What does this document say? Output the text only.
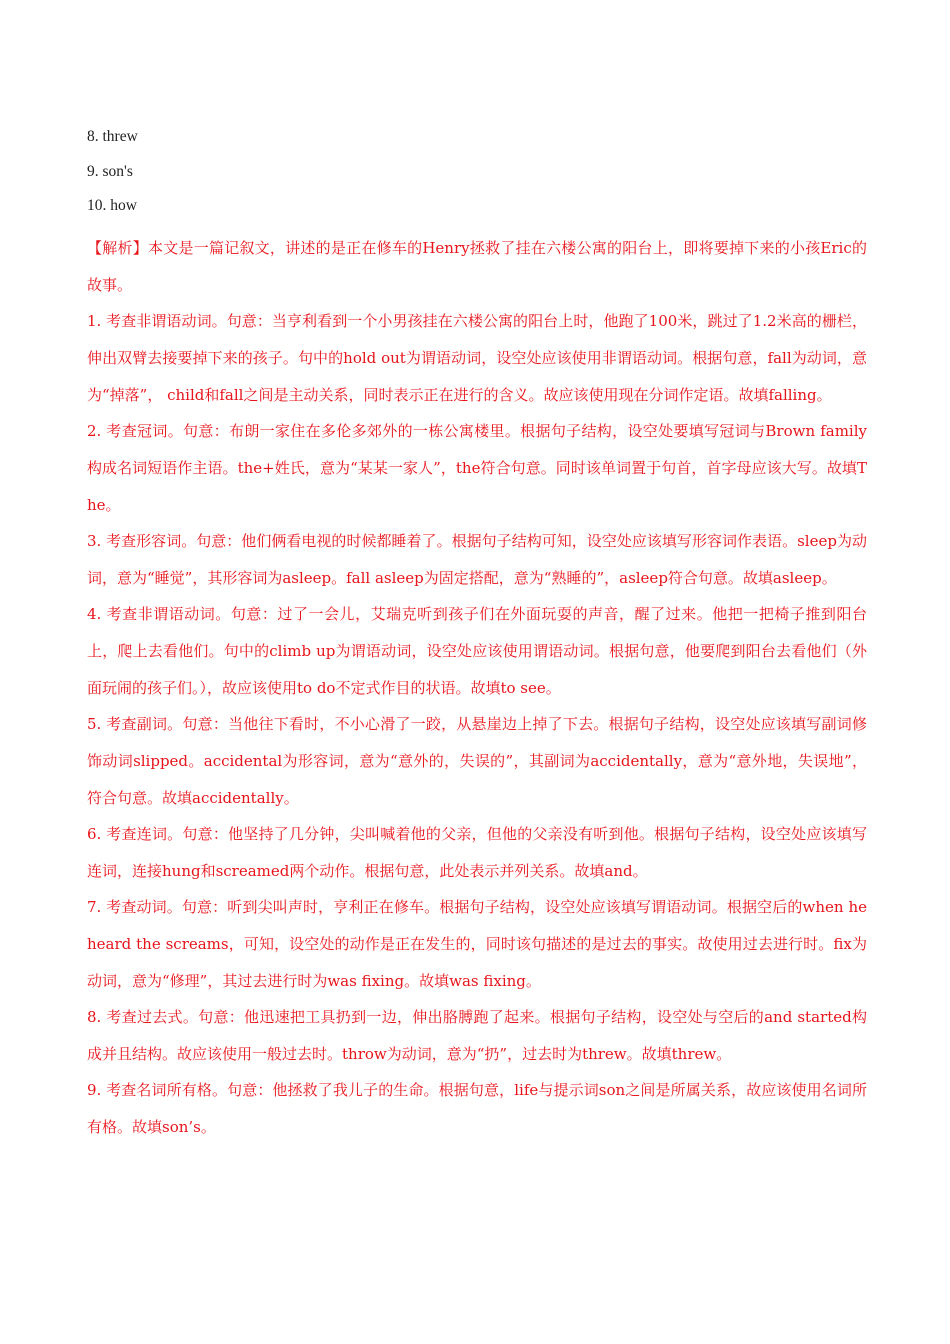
8. threw

9. son's

10. how

【解析】本文是一篇记叙文，讲述的是正在修车的Henry拯救了挂在六楼公寓的阳台上，即将要掉下来的小孩Eric的故事。

1. 考查非谓语动词。句意：当亨利看到一个小男孩挂在六楼公寓的阳台上时，他跑了100米，跳过了1.2米高的栅栏，伸出双臂去接要掉下来的孩子。句中的hold out为谓语动词，设空处应该使用非谓语动词。根据句意，fall为动词，意为“掉落”， child和fall之间是主动关系，同时表示正在进行的含义。故应该使用现在分词作定语。故填falling。

2. 考查冠词。句意：布朗一家住在多伦多郊外的一栋公寓楼里。根据句子结构，设空处要填写冠词与Brown family构成名词短语作主语。the+姓氏，意为“某某一家人”，the符合句意。同时该单词置于句首，首字母应该大写。故填The。

3. 考查形容词。句意：他们俩看电视的时候都睡着了。根据句子结构可知，设空处应该填写形容词作表语。sleep为动词，意为“睡觉”，其形容词为asleep。fall asleep为固定搭配，意为“熟睡的”，asleep符合句意。故填asleep。

4. 考查非谓语动词。句意：过了一会儿，艾瑞克听到孩子们在外面玩耍的声音，醒了过来。他把一把椅子推到阳台上，爬上去看他们。句中的climb up为谓语动词，设空处应该使用谓语动词。根据句意，他要爬到阳台去看他们（外面玩闹的孩子们。），故应该使用to do不定式作目的状语。故填to see。

5. 考查副词。句意：当他往下看时，不小心滑了一跤，从悬崖边上掉了下去。根据句子结构，设空处应该填写副词修饰动词slipped。accidental为形容词，意为“意外的，失误的”，其副词为accidentally，意为“意外地，失误地”，符合句意。故填accidentally。

6. 考查连词。句意：他坚持了几分钟，尖叫喊着他的父亲，但他的父亲没有听到他。根据句子结构，设空处应该填写连词，连接hung和screamed两个动作。根据句意，此处表示并列关系。故填and。

7. 考查动词。句意：听到尖叫声时，亨利正在修车。根据句子结构，设空处应该填写谓语动词。根据空后的when he heard the screams，可知，设空处的动作是正在发生的，同时该句描述的是过去的事实。故使用过去进行时。fix为动词，意为“修理”，其过去进行时为was fixing。故填was fixing。

8. 考查过去式。句意：他迅速把工具扔到一边，伸出胳膊跑了起来。根据句子结构，设空处与空后的and started构成并且结构。故应该使用一般过去时。throw为动词，意为“扔”，过去时为threw。故填threw。

9. 考查名词所有格。句意：他拯救了我儿子的生命。根据句意，life与提示词son之间是所属关系，故应该使用名词所有格。故填son’s。
